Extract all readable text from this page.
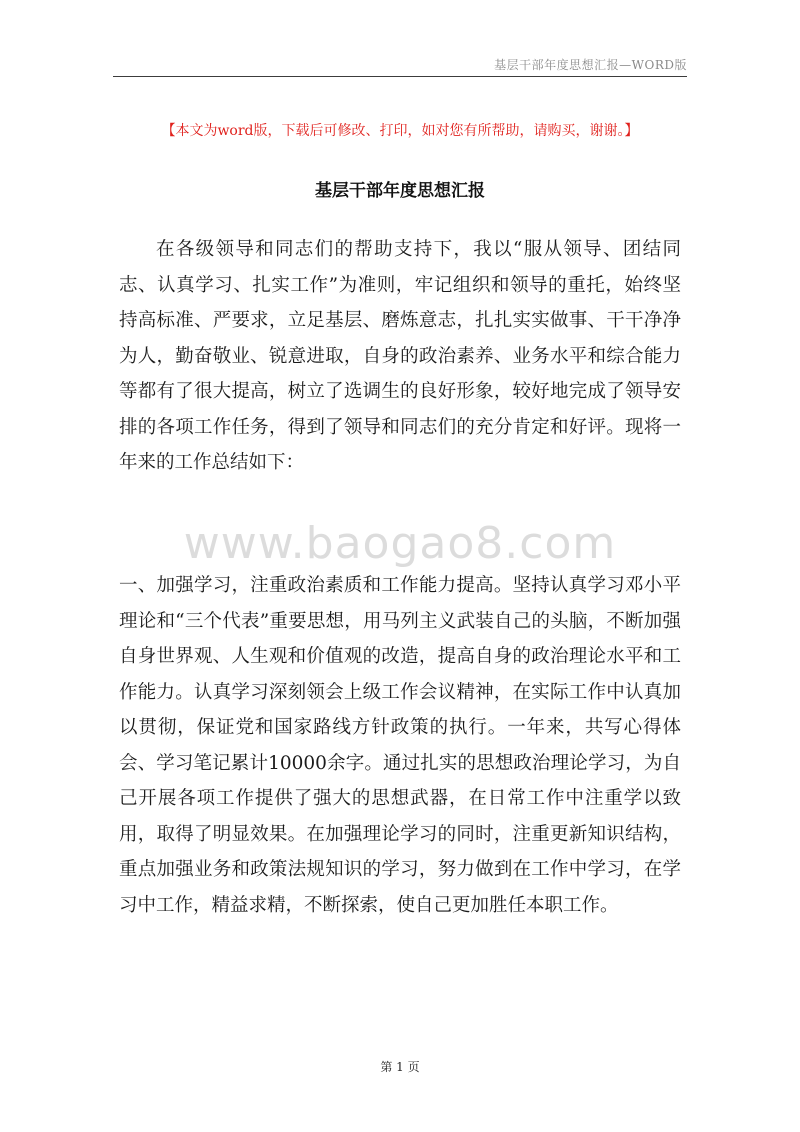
基层干部年度思想汇报—WORD版
【本文为word版，下载后可修改、打印，如对您有所帮助，请购买，谢谢。】
基层干部年度思想汇报

在各级领导和同志们的帮助支持下，我以“服从领导、团结同志、认真学习、扎实工作”为准则，牢记组织和领导的重托，始终坚持高标准、严要求，立足基层、磨炼意志，扎扎实实做事、干干净净为人，勤奋敬业、锐意进取，自身的政治素养、业务水平和综合能力等都有了很大提高，树立了选调生的良好形象，较好地完成了领导安排的各项工作任务，得到了领导和同志们的充分肯定和好评。现将一年来的工作总结如下：

www.baogao8.com

一、加强学习，注重政治素质和工作能力提高。坚持认真学习邓小平理论和“三个代表”重要思想，用马列主义武装自己的头脑，不断加强自身世界观、人生观和价值观的改造，提高自身的政治理论水平和工作能力。认真学习深刻领会上级工作会议精神，在实际工作中认真加以贯彻，保证党和国家路线方针政策的执行。一年来，共写心得体会、学习笔记累计10000余字。通过扎实的思想政治理论学习，为自己开展各项工作提供了强大的思想武器，在日常工作中注重学以致用，取得了明显效果。在加强理论学习的同时，注重更新知识结构，重点加强业务和政策法规知识的学习，努力做到在工作中学习，在学习中工作，精益求精，不断探索，使自己更加胜任本职工作。

第 1 页
